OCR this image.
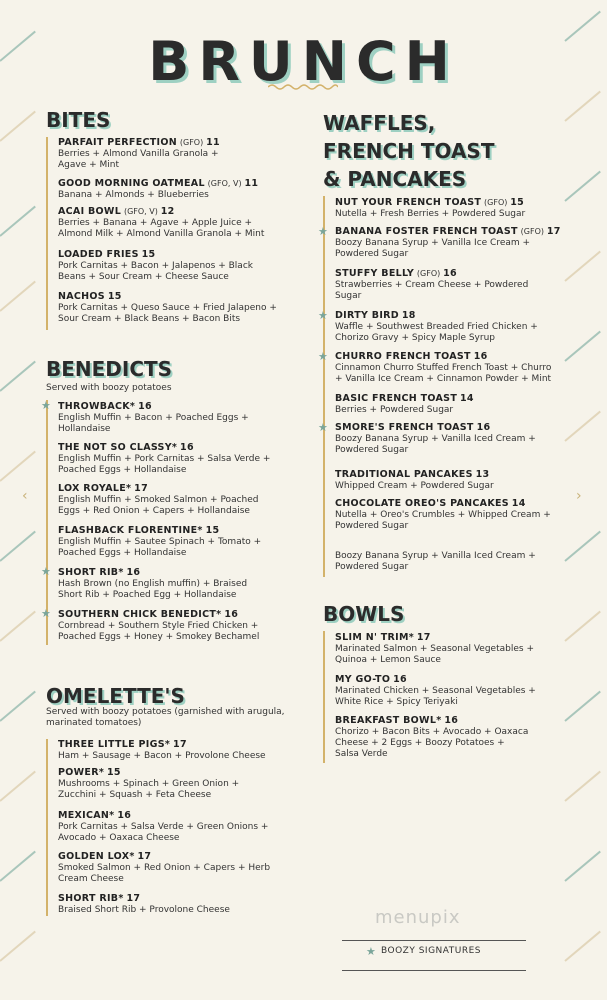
‹	›
BRUNCH
BITES
PARFAIT PERFECTION (GFO) 11
Berries + Almond Vanilla Granola +
Agave + Mint
GOOD MORNING OATMEAL (GFO, V) 11
Banana + Almonds + Blueberries
ACAI BOWL (GFO, V) 12
Berries + Banana + Agave + Apple Juice +
Almond Milk + Almond Vanilla Granola + Mint
LOADED FRIES 15
Pork Carnitas + Bacon + Jalapenos + Black
Beans + Sour Cream + Cheese Sauce
NACHOS 15
Pork Carnitas + Queso Sauce + Fried Jalapeno +
Sour Cream + Black Beans + Bacon Bits
BENEDICTS
Served with boozy potatoes
★ THROWBACK* 16
English Muffin + Bacon + Poached Eggs +
Hollandaise
THE NOT SO CLASSY* 16
English Muffin + Pork Carnitas + Salsa Verde +
Poached Eggs + Hollandaise
LOX ROYALE* 17
English Muffin + Smoked Salmon + Poached
Eggs + Red Onion + Capers + Hollandaise
FLASHBACK FLORENTINE* 15
English Muffin + Sautee Spinach + Tomato +
Poached Eggs + Hollandaise
★ SHORT RIB* 16
Hash Brown (no English muffin) + Braised
Short Rib + Poached Egg + Hollandaise
★ SOUTHERN CHICK BENEDICT* 16
Cornbread + Southern Style Fried Chicken +
Poached Eggs + Honey + Smokey Bechamel
OMELETTE'S
Served with boozy potatoes (garnished with arugula,
marinated tomatoes)
THREE LITTLE PIGS* 17
Ham + Sausage + Bacon + Provolone Cheese
POWER* 15
Mushrooms + Spinach + Green Onion +
Zucchini + Squash + Feta Cheese
MEXICAN* 16
Pork Carnitas + Salsa Verde + Green Onions +
Avocado + Oaxaca Cheese
GOLDEN LOX* 17
Smoked Salmon + Red Onion + Capers + Herb
Cream Cheese
SHORT RIB* 17
Braised Short Rib + Provolone Cheese
WAFFLES,
FRENCH TOAST
& PANCAKES
NUT YOUR FRENCH TOAST (GFO) 15
Nutella + Fresh Berries + Powdered Sugar
★ BANANA FOSTER FRENCH TOAST (GFO) 17
Boozy Banana Syrup + Vanilla Ice Cream +
Powdered Sugar
STUFFY BELLY (GFO) 16
Strawberries + Cream Cheese + Powdered
Sugar
★ DIRTY BIRD 18
Waffle + Southwest Breaded Fried Chicken +
Chorizo Gravy + Spicy Maple Syrup
★ CHURRO FRENCH TOAST 16
Cinnamon Churro Stuffed French Toast + Churro
+ Vanilla Ice Cream + Cinnamon Powder + Mint
BASIC FRENCH TOAST 14
Berries + Powdered Sugar
★ SMORE'S FRENCH TOAST 16
Boozy Banana Syrup + Vanilla Iced Cream +
Powdered Sugar
TRADITIONAL PANCAKES 13
Whipped Cream + Powdered Sugar
CHOCOLATE OREO'S PANCAKES 14
Nutella + Oreo's Crumbles + Whipped Cream +
Powdered Sugar
Boozy Banana Syrup + Vanilla Iced Cream +
Powdered Sugar
BOWLS
SLIM N' TRIM* 17
Marinated Salmon + Seasonal Vegetables +
Quinoa + Lemon Sauce
MY GO-TO 16
Marinated Chicken + Seasonal Vegetables +
White Rice + Spicy Teriyaki
BREAKFAST BOWL* 16
Chorizo + Bacon Bits + Avocado + Oaxaca
Cheese + 2 Eggs + Boozy Potatoes +
Salsa Verde
menupix
★ BOOZY SIGNATURES
